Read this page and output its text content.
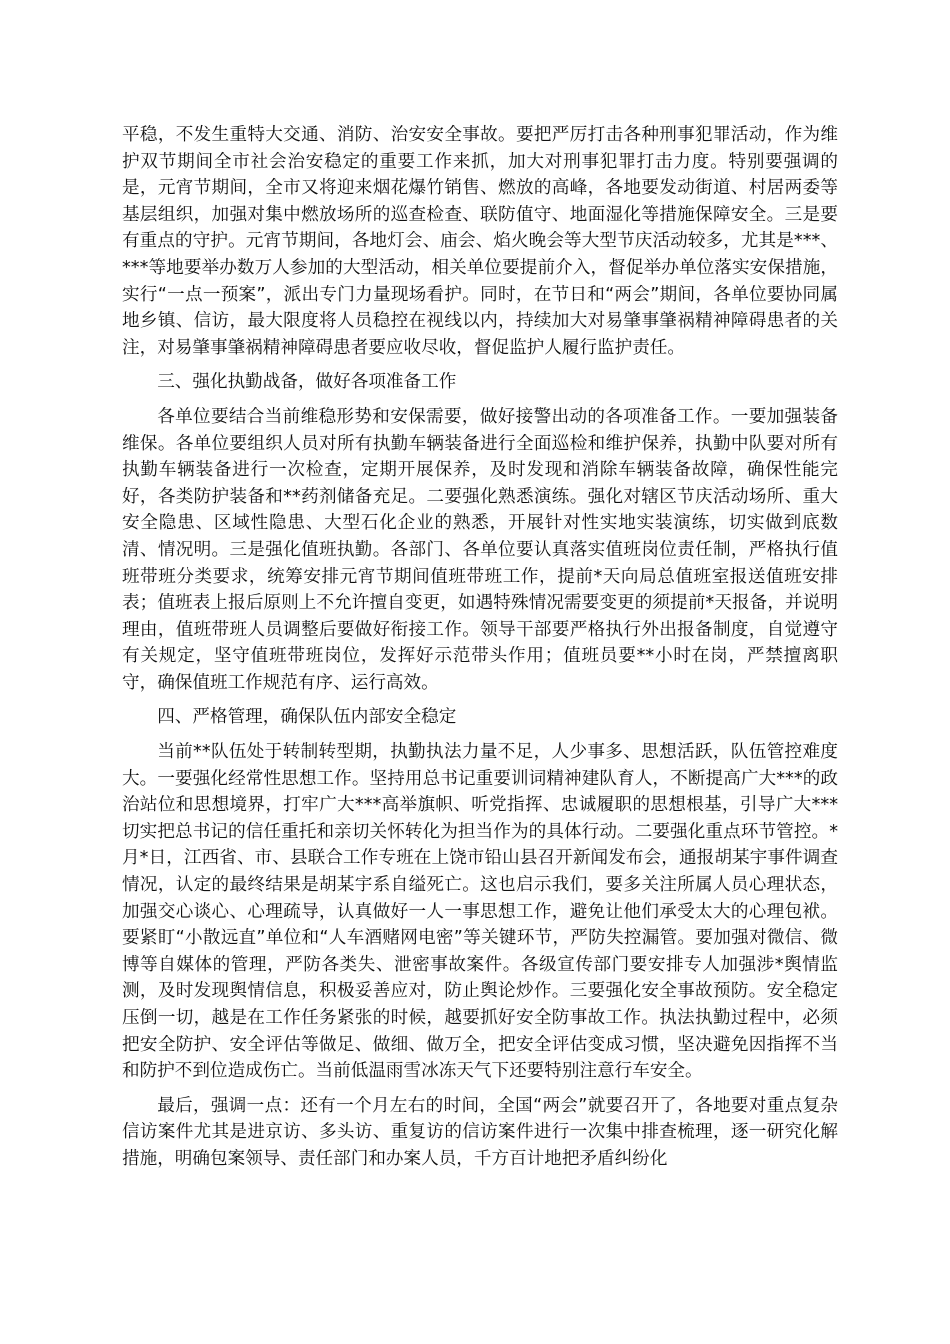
平稳，不发生重特大交通、消防、治安安全事故。要把严厉打击各种刑事犯罪活动，作为维护双节期间全市社会治安稳定的重要工作来抓，加大对刑事犯罪打击力度。特别要强调的是，元宵节期间，全市又将迎来烟花爆竹销售、燃放的高峰，各地要发动街道、村居两委等基层组织，加强对集中燃放场所的巡查检查、联防值守、地面湿化等措施保障安全。三是要有重点的守护。元宵节期间，各地灯会、庙会、焰火晚会等大型节庆活动较多，尤其是***、***等地要举办数万人参加的大型活动，相关单位要提前介入，督促举办单位落实安保措施，实行“一点一预案”，派出专门力量现场看护。同时，在节日和“两会”期间，各单位要协同属地乡镇、信访，最大限度将人员稳控在视线以内，持续加大对易肇事肇祸精神障碍患者的关注，对易肇事肇祸精神障碍患者要应收尽收，督促监护人履行监护责任。

三、强化执勤战备，做好各项准备工作

各单位要结合当前维稳形势和安保需要，做好接警出动的各项准备工作。一要加强装备维保。各单位要组织人员对所有执勤车辆装备进行全面巡检和维护保养，执勤中队要对所有执勤车辆装备进行一次检查，定期开展保养，及时发现和消除车辆装备故障，确保性能完好，各类防护装备和**药剂储备充足。二要强化熟悉演练。强化对辖区节庆活动场所、重大安全隐患、区域性隐患、大型石化企业的熟悉，开展针对性实地实装演练，切实做到底数清、情况明。三是强化值班执勤。各部门、各单位要认真落实值班岗位责任制，严格执行值班带班分类要求，统筹安排元宵节期间值班带班工作，提前*天向局总值班室报送值班安排表；值班表上报后原则上不允许擅自变更，如遇特殊情况需要变更的须提前*天报备，并说明理由，值班带班人员调整后要做好衔接工作。领导干部要严格执行外出报备制度，自觉遵守有关规定，坚守值班带班岗位，发挥好示范带头作用；值班员要**小时在岗，严禁擅离职守，确保值班工作规范有序、运行高效。

四、严格管理，确保队伍内部安全稳定

当前**队伍处于转制转型期，执勤执法力量不足，人少事多、思想活跃，队伍管控难度大。一要强化经常性思想工作。坚持用总书记重要训词精神建队育人，不断提高广大***的政治站位和思想境界，打牢广大***高举旗帜、听党指挥、忠诚履职的思想根基，引导广大***切实把总书记的信任重托和亲切关怀转化为担当作为的具体行动。二要强化重点环节管控。*月*日，江西省、市、县联合工作专班在上饶市铅山县召开新闻发布会，通报胡某宇事件调查情况，认定的最终结果是胡某宇系自缢死亡。这也启示我们，要多关注所属人员心理状态，加强交心谈心、心理疏导，认真做好一人一事思想工作，避免让他们承受太大的心理包袱。要紧盯“小散远直”单位和“人车酒赌网电密”等关键环节，严防失控漏管。要加强对微信、微博等自媒体的管理，严防各类失、泄密事故案件。各级宣传部门要安排专人加强涉*舆情监测，及时发现舆情信息，积极妥善应对，防止舆论炒作。三要强化安全事故预防。安全稳定压倒一切，越是在工作任务紧张的时候，越要抓好安全防事故工作。执法执勤过程中，必须把安全防护、安全评估等做足、做细、做万全，把安全评估变成习惯，坚决避免因指挥不当和防护不到位造成伤亡。当前低温雨雪冰冻天气下还要特别注意行车安全。

最后，强调一点：还有一个月左右的时间，全国“两会”就要召开了，各地要对重点复杂信访案件尤其是进京访、多头访、重复访的信访案件进行一次集中排查梳理，逐一研究化解措施，明确包案领导、责任部门和办案人员，千方百计地把矛盾纠纷化
